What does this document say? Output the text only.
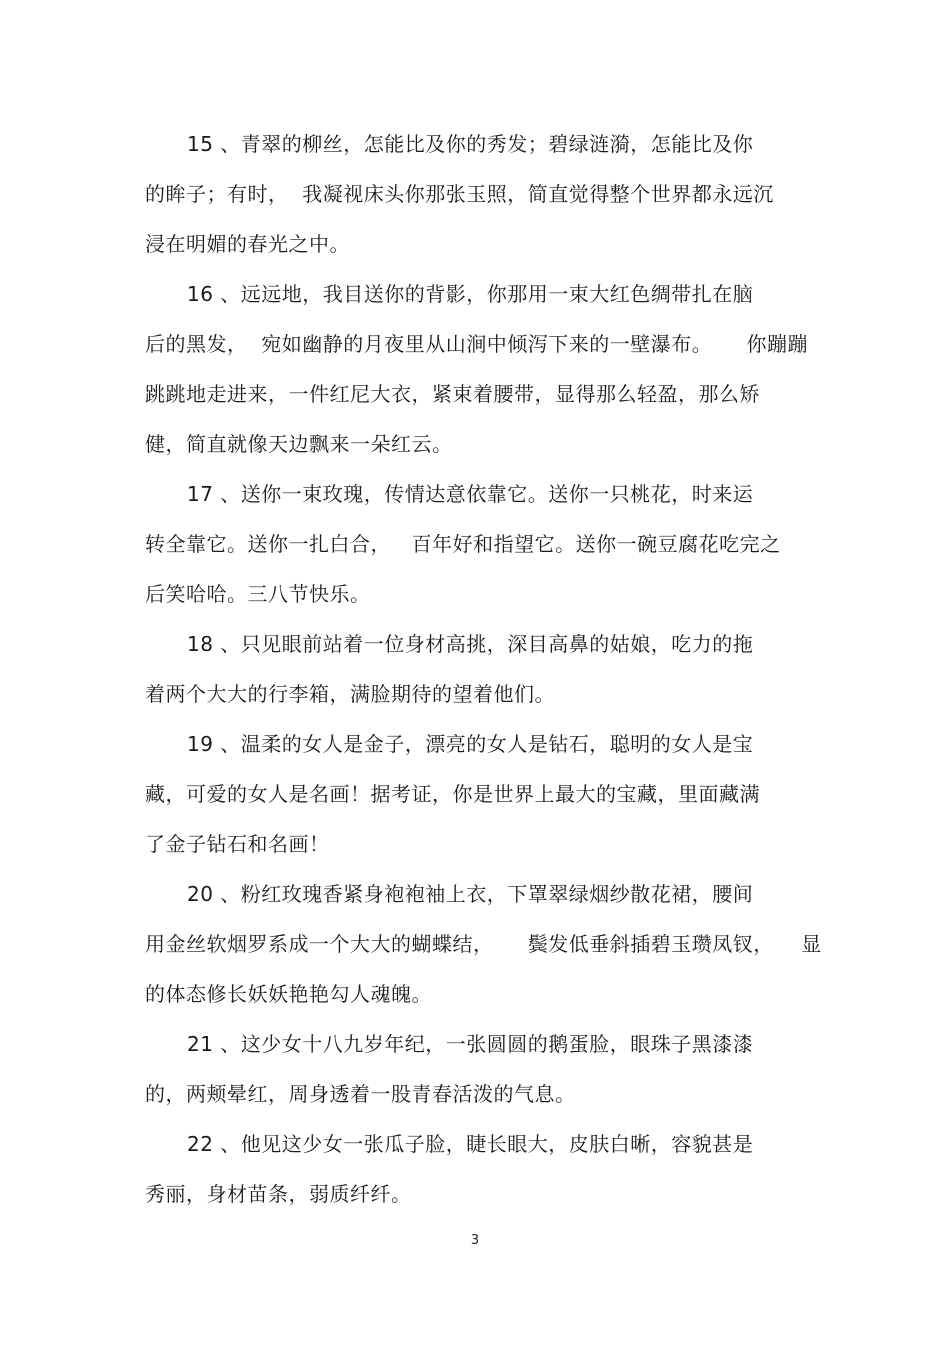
15 、青翠的柳丝，怎能比及你的秀发；碧绿涟漪，怎能比及你
的眸子；有时，  我凝视床头你那张玉照，简直觉得整个世界都永远沉
浸在明媚的春光之中。
16 、远远地，我目送你的背影，你那用一束大红色绸带扎在脑
后的黑发，  宛如幽静的月夜里从山涧中倾泻下来的一壁瀑布。     你蹦蹦
跳跳地走进来，一件红尼大衣，紧束着腰带，显得那么轻盈，那么矫
健，简直就像天边飘来一朵红云。
17 、送你一束玫瑰，传情达意依靠它。送你一只桃花，时来运
转全靠它。送你一扎白合，   百年好和指望它。送你一碗豆腐花吃完之
后笑哈哈。三八节快乐。
18 、只见眼前站着一位身材高挑，深目高鼻的姑娘，吃力的拖
着两个大大的行李箱，满脸期待的望着他们。
19 、温柔的女人是金子，漂亮的女人是钻石，聪明的女人是宝
藏，可爱的女人是名画！据考证，你是世界上最大的宝藏，里面藏满
了金子钻石和名画！
20 、粉红玫瑰香紧身袍袍袖上衣，下罩翠绿烟纱散花裙，腰间
用金丝软烟罗系成一个大大的蝴蝶结，     鬓发低垂斜插碧玉瓒凤钗，    显
的体态修长妖妖艳艳勾人魂魄。
21 、这少女十八九岁年纪，一张圆圆的鹅蛋脸，眼珠子黑漆漆
的，两颊晕红，周身透着一股青春活泼的气息。
22 、他见这少女一张瓜子脸，睫长眼大，皮肤白晰，容貌甚是
秀丽，身材苗条，弱质纤纤。
3
